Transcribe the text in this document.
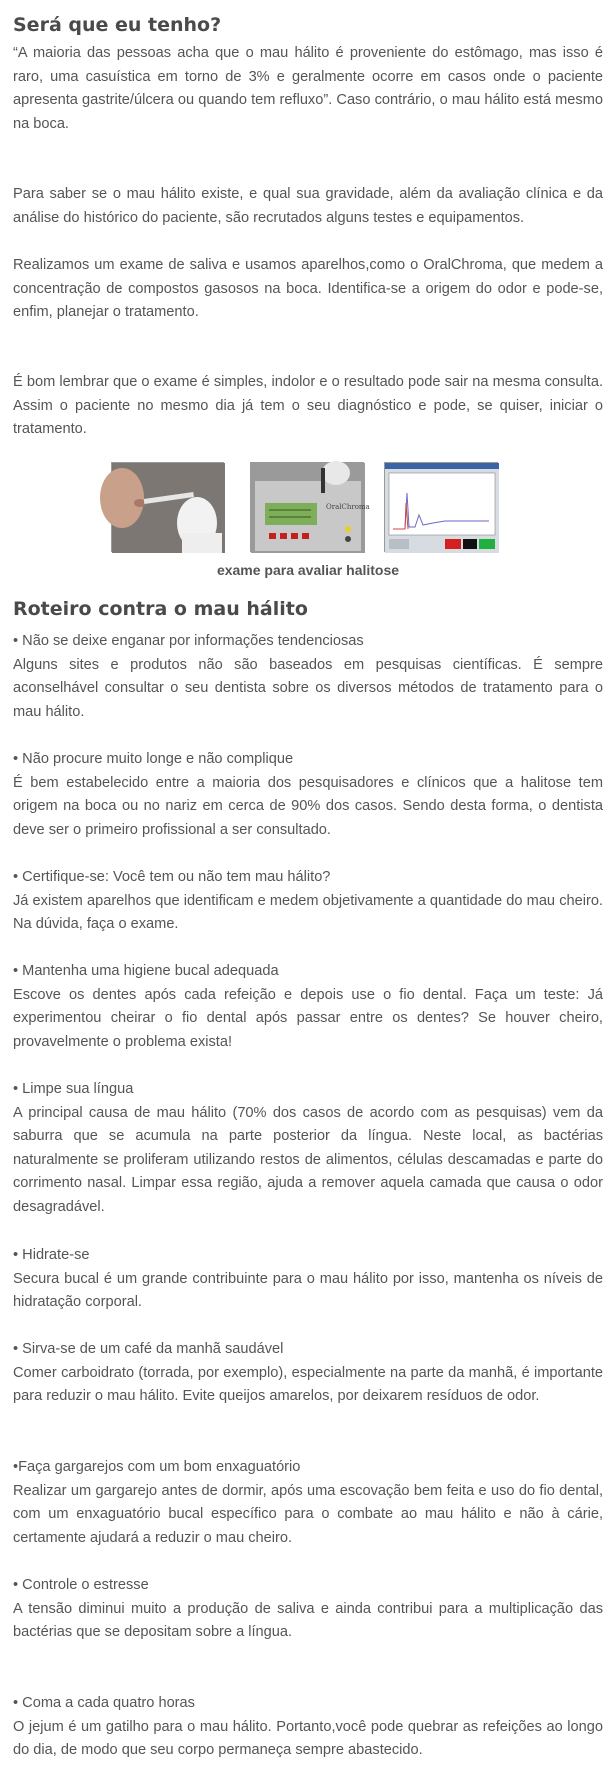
Será que eu tenho?

“A maioria das pessoas acha que o mau hálito é proveniente do estômago, mas isso é raro, uma casuística em torno de 3% e geralmente ocorre em casos onde o paciente apresenta gastrite/úlcera ou quando tem refluxo”. Caso contrário, o mau hálito está mesmo na boca.

Para saber se o mau hálito existe, e qual sua gravidade, além da avaliação clínica e da análise do histórico do paciente, são recrutados alguns testes e equipamentos.

Realizamos um exame de saliva e usamos aparelhos,como o OralChroma, que medem a concentração de compostos gasosos na boca. Identifica-se a origem do odor e pode-se, enfim, planejar o tratamento.

É bom lembrar que o exame é simples, indolor e o resultado pode sair na mesma consulta. Assim o paciente no mesmo dia já tem o seu diagnóstico e pode, se quiser, iniciar o tratamento.

OralChroma
exame para avaliar halitose
Roteiro contra o mau hálito

• Não se deixe enganar por informações tendenciosas

Alguns sites e produtos não são baseados em pesquisas científicas. É sempre aconselhável consultar o seu dentista sobre os diversos métodos de tratamento para o mau hálito.

• Não procure muito longe e não complique

É bem estabelecido entre a maioria dos pesquisadores e clínicos que a halitose tem origem na boca ou no nariz em cerca de 90% dos casos. Sendo desta forma, o dentista deve ser o primeiro profissional a ser consultado.

• Certifique-se: Você tem ou não tem mau hálito?

Já existem aparelhos que identificam e medem objetivamente a quantidade do mau cheiro. Na dúvida, faça o exame.

• Mantenha uma higiene bucal adequada

Escove os dentes após cada refeição e depois use o fio dental. Faça um teste: Já experimentou cheirar o fio dental após passar entre os dentes? Se houver cheiro, provavelmente o problema exista!

• Limpe sua língua

A principal causa de mau hálito (70% dos casos de acordo com as pesquisas) vem da saburra que se acumula na parte posterior da língua. Neste local, as bactérias naturalmente se proliferam utilizando restos de alimentos, células descamadas e parte do corrimento nasal. Limpar essa região, ajuda a remover aquela camada que causa o odor desagradável.

• Hidrate-se

Secura bucal é um grande contribuinte para o mau hálito por isso, mantenha os níveis de hidratação corporal.

• Sirva-se de um café da manhã saudável

Comer carboidrato (torrada, por exemplo), especialmente na parte da manhã, é importante para reduzir o mau hálito. Evite queijos amarelos, por deixarem resíduos de odor.

•Faça gargarejos com um bom enxaguatório

Realizar um gargarejo antes de dormir, após uma escovação bem feita e uso do fio dental, com um enxaguatório bucal específico para o combate ao mau hálito e não à cárie, certamente ajudará a reduzir o mau cheiro.

• Controle o estresse

A tensão diminui muito a produção de saliva e ainda contribui para a multiplicação das bactérias que se depositam sobre a língua.

• Coma a cada quatro horas

O jejum é um gatilho para o mau hálito. Portanto,você pode quebrar as refeições ao longo do dia, de modo que seu corpo permaneça sempre abastecido.
